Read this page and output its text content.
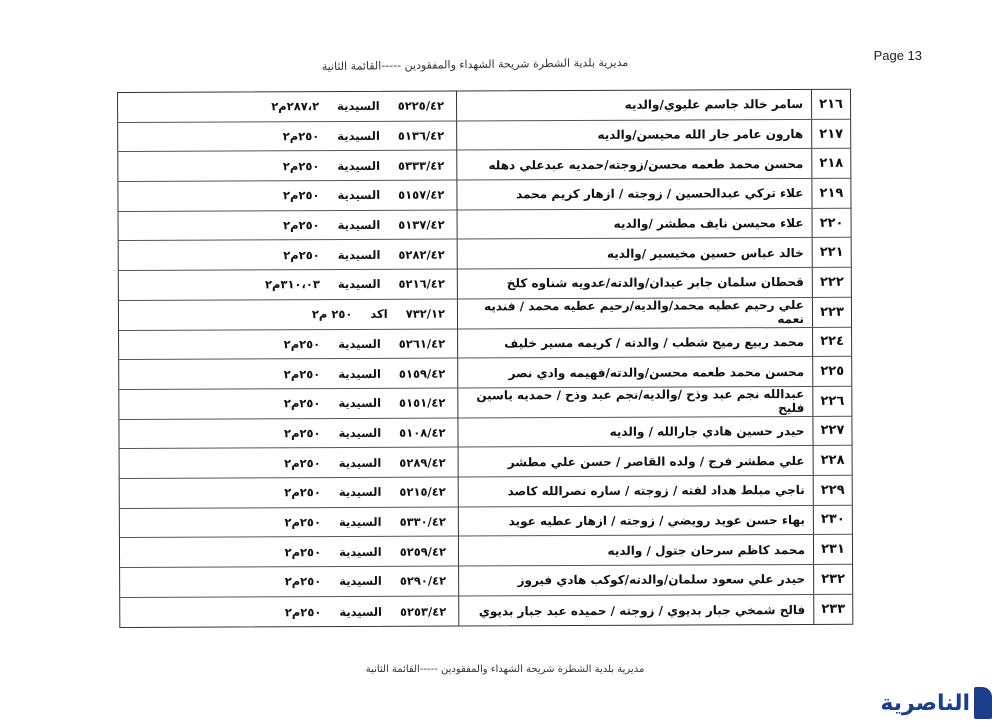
Page 13
مديرية بلدية الشطرة شريحة الشهداء والمفقودين -----القائمة الثانية
٢١٦
سامر خالد جاسم عليوي/والديه
٥٢٢٥/٤٢
السيدية
٢٨٧،٢م٢
٢١٧
هارون عامر جار الله محيسن/والديه
٥١٣٦/٤٢
السيدية
٢٥٠م٢
٢١٨
محسن محمد طعمه محسن/زوجته/حمديه عبدعلي دهله
٥٣٣٣/٤٢
السيدية
٢٥٠م٢
٢١٩
علاء تركي عبدالحسين / زوجته / ازهار كريم محمد
٥١٥٧/٤٢
السيدية
٢٥٠م٢
٢٢٠
علاء محيسن نايف مطشر /والديه
٥١٣٧/٤٢
السيدية
٢٥٠م٢
٢٢١
خالد عباس حسين مخيسير /والديه
٥٢٨٢/٤٢
السيدية
٢٥٠م٢
٢٢٢
قحطان سلمان جابر عيدان/والدته/عدويه شناوه كلخ
٥٢١٦/٤٢
السيدية
٣١٠،٠٣م٢
٢٢٣
علي رحيم عطيه محمد/والديه/رحيم عطيه محمد / فنديه نعمه
٧٣٢/١٢
اكد
٢٥٠ م٢
٢٢٤
محمد ربيع رميح شطب / والدته / كريمه مسير خليف
٥٢٦١/٤٢
السيدية
٢٥٠م٢
٢٢٥
محسن محمد طعمه محسن/والدته/فهيمه وادي نصر
٥١٥٩/٤٢
السيدية
٢٥٠م٢
٢٢٦
عبدالله نجم عبد وذح /والديه/نجم عبد وذح / حمديه ياسين فليح
٥١٥١/٤٢
السيدية
٢٥٠م٢
٢٢٧
حيدر حسين هادي جارالله / والديه
٥١٠٨/٤٢
السيدية
٢٥٠م٢
٢٢٨
علي مطشر فرج / ولده القاصر / حسن علي مطشر
٥٢٨٩/٤٢
السيدية
٢٥٠م٢
٢٢٩
ناجي مبلط هداد لفته / زوجته / ساره نصرالله كاصد
٥٢١٥/٤٢
السيدية
٢٥٠م٢
٢٣٠
بهاء حسن عويد رويضي / زوجته / ازهار عطيه عويد
٥٣٣٠/٤٢
السيدية
٢٥٠م٢
٢٣١
محمد كاظم سرحان جتول / والديه
٥٢٥٩/٤٢
السيدية
٢٥٠م٢
٢٣٢
حيدر علي سعود سلمان/والدته/كوكب هادي فيروز
٥٢٩٠/٤٢
السيدية
٢٥٠م٢
٢٣٣
فالح شمخي جبار بديوي / زوجته / حميده عبد جبار بديوي
٥٢٥٣/٤٢
السيدية
٢٥٠م٢
مديرية بلدية الشطرة شريحة الشهداء والمفقودين -----القائمة الثانية
الناصرية
